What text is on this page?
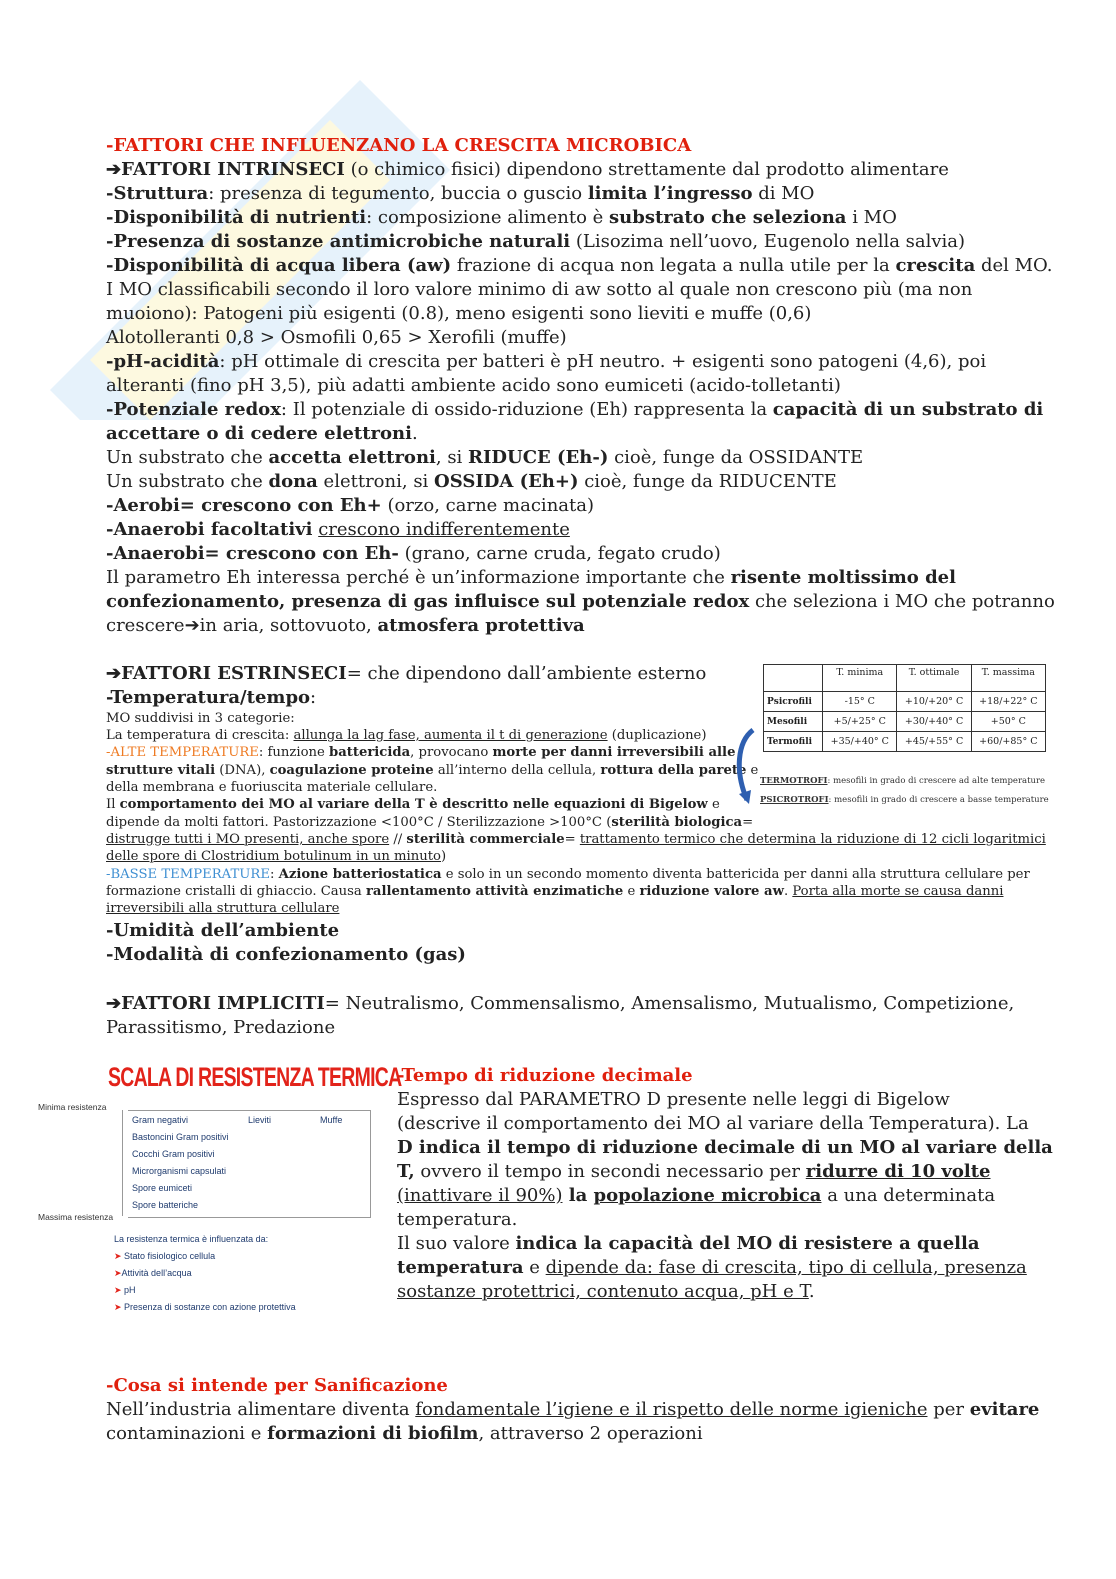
-FATTORI CHE INFLUENZANO LA CRESCITA MICROBICA

➔FATTORI INTRINSECI (o chimico fisici) dipendono strettamente dal prodotto alimentare

-Struttura: presenza di tegumento, buccia o guscio limita l’ingresso di MO

-Disponibilità di nutrienti: composizione alimento è substrato che seleziona i MO

-Presenza di sostanze antimicrobiche naturali (Lisozima nell’uovo, Eugenolo nella salvia)

-Disponibilità di acqua libera (aw) frazione di acqua non legata a nulla utile per la crescita del MO.

I MO classificabili secondo il loro valore minimo di aw sotto al quale non crescono più (ma non

muoiono): Patogeni più esigenti (0.8), meno esigenti sono lieviti e muffe (0,6)

Alotolleranti 0,8 > Osmofili 0,65 > Xerofili (muffe)

-pH-acidità: pH ottimale di crescita per batteri è pH neutro. + esigenti sono patogeni (4,6), poi

alteranti (fino pH 3,5), più adatti ambiente acido sono eumiceti (acido-tolletanti)

-Potenziale redox: Il potenziale di ossido-riduzione (Eh) rappresenta la capacità di un substrato di

accettare o di cedere elettroni.

Un substrato che accetta elettroni, si RIDUCE (Eh-) cioè, funge da OSSIDANTE

Un substrato che dona elettroni, si OSSIDA (Eh+) cioè, funge da RIDUCENTE

-Aerobi= crescono con Eh+ (orzo, carne macinata)

-Anaerobi facoltativi crescono indifferentemente

-Anaerobi= crescono con Eh- (grano, carne cruda, fegato crudo)

Il parametro Eh interessa perché è un’informazione importante che risente moltissimo del

confezionamento, presenza di gas influisce sul potenziale redox che seleziona i MO che potranno

crescere➔in aria, sottovuoto, atmosfera protettiva

➔FATTORI ESTRINSECI= che dipendono dall’ambiente esterno

-Temperatura/tempo:

MO suddivisi in 3 categorie:

La temperatura di crescita: allunga la lag fase, aumenta il t di generazione (duplicazione)

-ALTE TEMPERATURE: funzione battericida, provocano morte per danni irreversibili alle

strutture vitali (DNA), coagulazione proteine all’interno della cellula, rottura della parete e

della membrana e fuoriuscita materiale cellulare.

Il comportamento dei MO al variare della T è descritto nelle equazioni di Bigelow e

dipende da molti fattori. Pastorizzazione <100°C / Sterilizzazione >100°C (sterilità biologica=

distrugge tutti i MO presenti, anche spore // sterilità commerciale= trattamento termico che determina la riduzione di 12 cicli logaritmici

delle spore di Clostridium botulinum in un minuto)

-BASSE TEMPERATURE: Azione batteriostatica e solo in un secondo momento diventa battericida per danni alla struttura cellulare per

formazione cristalli di ghiaccio. Causa rallentamento attività enzimatiche e riduzione valore aw. Porta alla morte se causa danni

irreversibili alla struttura cellulare

-Umidità dell’ambiente

-Modalità di confezionamento (gas)

	T. minima	T. ottimale	T. massima
Psicrofili	-15° C	+10/+20° C	+18/+22° C
Mesofili	+5/+25° C	+30/+40° C	+50° C
Termofili	+35/+40° C	+45/+55° C	+60/+85° C
TERMOTROFI: mesofili in grado di crescere ad alte temperature
PSICROTROFI: mesofili in grado di crescere a basse temperature

➔FATTORI IMPLICITI= Neutralismo, Commensalismo, Amensalismo, Mutualismo, Competizione,

Parassitismo, Predazione

SCALA DI RESISTENZA TERMICA
Minima resistenza
Massima resistenza
Gram negativi	Lieviti	Muffe
Bastoncini Gram positivi
Cocchi Gram positivi
Microrganismi capsulati
Spore eumiceti
Spore batteriche
La resistenza termica è influenzata da:
➤ Stato fisiologico cellula
➤Attività dell’acqua
➤ pH
➤ Presenza di sostanze con azione protettiva

-Tempo di riduzione decimale

Espresso dal PARAMETRO D presente nelle leggi di Bigelow

(descrive il comportamento dei MO al variare della Temperatura). La

D indica il tempo di riduzione decimale di un MO al variare della

T, ovvero il tempo in secondi necessario per ridurre di 10 volte

(inattivare il 90%) la popolazione microbica a una determinata

temperatura.

Il suo valore indica la capacità del MO di resistere a quella

temperatura e dipende da: fase di crescita, tipo di cellula, presenza

sostanze protettrici, contenuto acqua, pH e T.

-Cosa si intende per Sanificazione

Nell’industria alimentare diventa fondamentale l’igiene e il rispetto delle norme igieniche per evitare

contaminazioni e formazioni di biofilm, attraverso 2 operazioni
